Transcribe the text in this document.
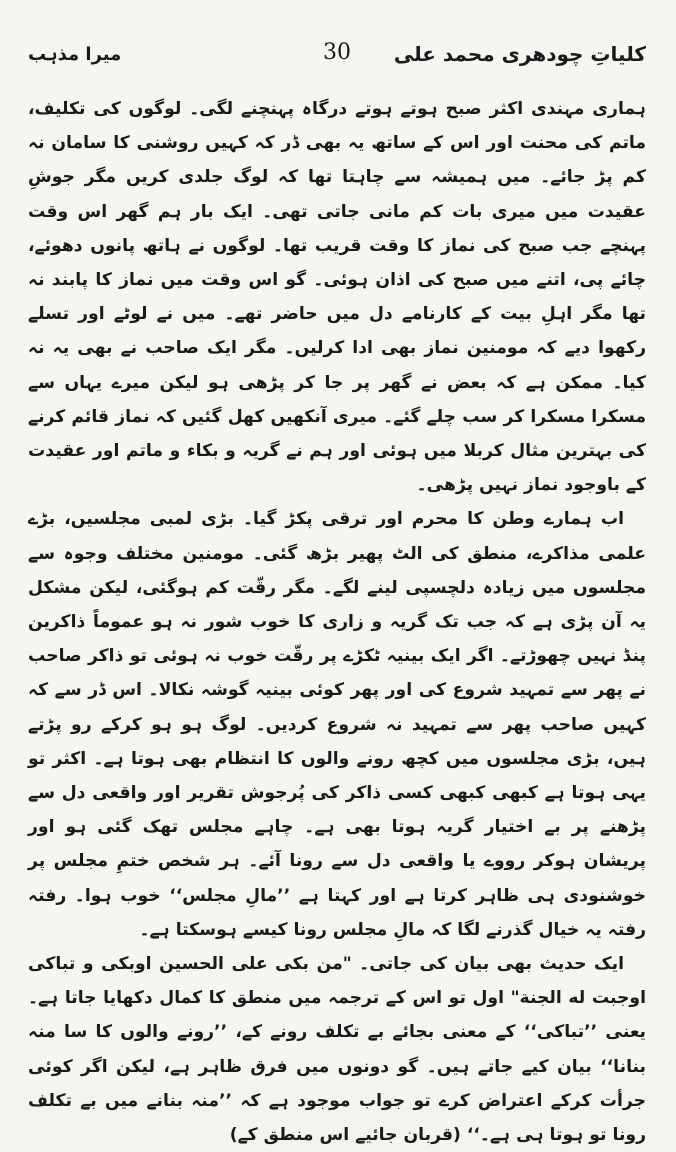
کلیاتِ چودھری محمد علی
30
میرا مذہب

ہماری مہندی اکثر صبح ہوتے ہوتے درگاہ پہنچنے لگی۔ لوگوں کی تکلیف، ماتم کی محنت اور اس کے ساتھ یہ بھی ڈر کہ کہیں روشنی کا سامان نہ کم پڑ جائے۔ میں ہمیشہ سے چاہتا تھا کہ لوگ جلدی کریں مگر جوشِ عقیدت میں میری بات کم مانی جاتی تھی۔ ایک بار ہم گھر اس وقت پہنچے جب صبح کی نماز کا وقت قریب تھا۔ لوگوں نے ہاتھ پانوں دھوئے، چائے پی، اتنے میں صبح کی اذان ہوئی۔ گو اس وقت میں نماز کا پابند نہ تھا مگر اہلِ بیت کے کارنامے دل میں حاضر تھے۔ میں نے لوٹے اور تسلے رکھوا دیے کہ مومنین نماز بھی ادا کرلیں۔ مگر ایک صاحب نے بھی یہ نہ کیا۔ ممکن ہے کہ بعض نے گھر پر جا کر پڑھی ہو لیکن میرے یہاں سے مسکرا مسکرا کر سب چلے گئے۔ میری آنکھیں کھل گئیں کہ نماز قائم کرنے کی بہترین مثال کربلا میں ہوئی اور ہم نے گریہ و بکاء و ماتم اور عقیدت کے باوجود نماز نہیں پڑھی۔

اب ہمارے وطن کا محرم اور ترقی پکڑ گیا۔ بڑی لمبی مجلسیں، بڑے علمی مذاکرے، منطق کی الٹ پھیر بڑھ گئی۔ مومنین مختلف وجوہ سے مجلسوں میں زیادہ دلچسپی لینے لگے۔ مگر رقّت کم ہوگئی، لیکن مشکل یہ آن پڑی ہے کہ جب تک گریہ و زاری کا خوب شور نہ ہو عموماً ذاکرین پنڈ نہیں چھوڑتے۔ اگر ایک بینیہ ٹکڑے پر رقّت خوب نہ ہوئی تو ذاکر صاحب نے پھر سے تمہید شروع کی اور پھر کوئی بینیہ گوشہ نکالا۔ اس ڈر سے کہ کہیں صاحب پھر سے تمہید نہ شروع کردیں۔ لوگ ہو ہو کرکے رو پڑتے ہیں، بڑی مجلسوں میں کچھ رونے والوں کا انتظام بھی ہوتا ہے۔ اکثر تو یہی ہوتا ہے کبھی کبھی کسی ذاکر کی پُرجوش تقریر اور واقعی دل سے پڑھنے پر بے اختیار گریہ ہوتا بھی ہے۔ چاہے مجلس تھک گئی ہو اور پریشان ہوکر رووے یا واقعی دل سے رونا آئے۔ ہر شخص ختمِ مجلس پر خوشنودی ہی ظاہر کرتا ہے اور کہتا ہے ’’مالِ مجلس‘‘ خوب ہوا۔ رفتہ رفتہ یہ خیال گذرنے لگا کہ مالِ مجلس رونا کیسے ہوسکتا ہے۔

ایک حدیث بھی بیان کی جاتی۔ "من بکی علی الحسین اوبکی و تباکی اوجبت له الجنة" اول تو اس کے ترجمہ میں منطق کا کمال دکھایا جاتا ہے۔ یعنی ’’تباکی‘‘ کے معنی بجائے بے تکلف رونے کے، ’’رونے والوں کا سا منہ بنانا‘‘ بیان کیے جاتے ہیں۔ گو دونوں میں فرق ظاہر ہے، لیکن اگر کوئی جرأت کرکے اعتراض کرے تو جواب موجود ہے کہ ’’منہ بنانے میں بے تکلف رونا تو ہوتا ہی ہے۔‘‘ (قربان جائیے اس منطق کے)
